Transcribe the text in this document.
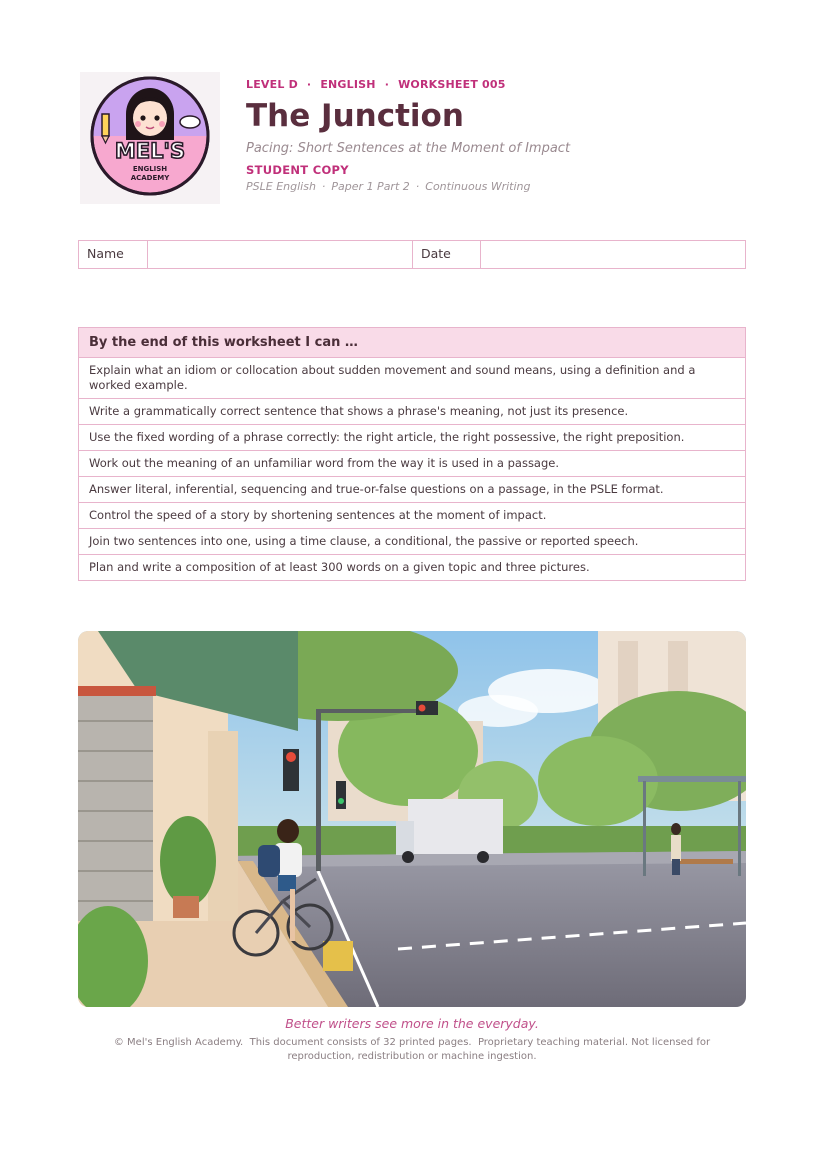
MEL'S
ENGLISH
ACADEMY
LEVEL D · ENGLISH · WORKSHEET 005
The Junction
Pacing: Short Sentences at the Moment of Impact
STUDENT COPY
PSLE English · Paper 1 Part 2 · Continuous Writing
Name	Date
By the end of this worksheet I can …
Explain what an idiom or collocation about sudden movement and sound means, using a definition and a worked example.
Write a grammatically correct sentence that shows a phrase's meaning, not just its presence.
Use the fixed wording of a phrase correctly: the right article, the right possessive, the right preposition.
Work out the meaning of an unfamiliar word from the way it is used in a passage.
Answer literal, inferential, sequencing and true-or-false questions on a passage, in the PSLE format.
Control the speed of a story by shortening sentences at the moment of impact.
Join two sentences into one, using a time clause, a conditional, the passive or reported speech.
Plan and write a composition of at least 300 words on a given topic and three pictures.
Better writers see more in the everyday.
© Mel's English Academy. This document consists of 32 printed pages. Proprietary teaching material. Not licensed for reproduction, redistribution or machine ingestion.
